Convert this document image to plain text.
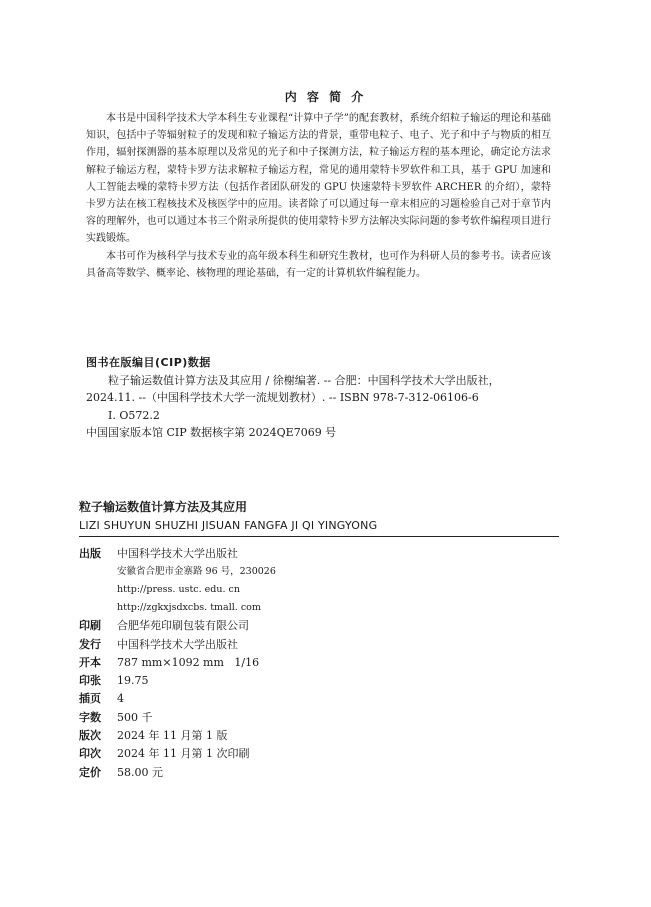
内 容 简 介

本书是中国科学技术大学本科生专业课程“计算中子学”的配套教材，系统介绍粒子输运的理论和基础知识，包括中子等辐射粒子的发现和粒子输运方法的背景，重带电粒子、电子、光子和中子与物质的相互作用，辐射探测器的基本原理以及常见的光子和中子探测方法，粒子输运方程的基本理论，确定论方法求解粒子输运方程，蒙特卡罗方法求解粒子输运方程，常见的通用蒙特卡罗软件和工具，基于 GPU 加速和人工智能去噪的蒙特卡罗方法（包括作者团队研发的 GPU 快速蒙特卡罗软件 ARCHER 的介绍），蒙特卡罗方法在核工程核技术及核医学中的应用。读者除了可以通过每一章末相应的习题检验自己对于章节内容的理解外，也可以通过本书三个附录所提供的使用蒙特卡罗方法解决实际问题的参考软件编程项目进行实践锻炼。

本书可作为核科学与技术专业的高年级本科生和研究生教材，也可作为科研人员的参考书。读者应该具备高等数学、概率论、核物理的理论基础，有一定的计算机软件编程能力。

图书在版编目(CIP)数据
粒子输运数值计算方法及其应用 / 徐榭编著. -- 合肥：中国科学技术大学出版社，
2024.11. --（中国科学技术大学一流规划教材）. -- ISBN 978-7-312-06106-6
Ⅰ. O572.2
中国国家版本馆 CIP 数据核字第 2024QE7069 号
粒子输运数值计算方法及其应用
LIZI SHUYUN SHUZHI JISUAN FANGFA JI QI YINGYONG
出版	中国科学技术大学出版社
安徽省合肥市金寨路 96 号，230026
http://press. ustc. edu. cn
http://zgkxjsdxcbs. tmall. com
印刷	合肥华苑印刷包装有限公司
发行	中国科学技术大学出版社
开本	787 mm×1092 mm   1/16
印张	19.75
插页	4
字数	500 千
版次	2024 年 11 月第 1 版
印次	2024 年 11 月第 1 次印刷
定价	58.00 元
